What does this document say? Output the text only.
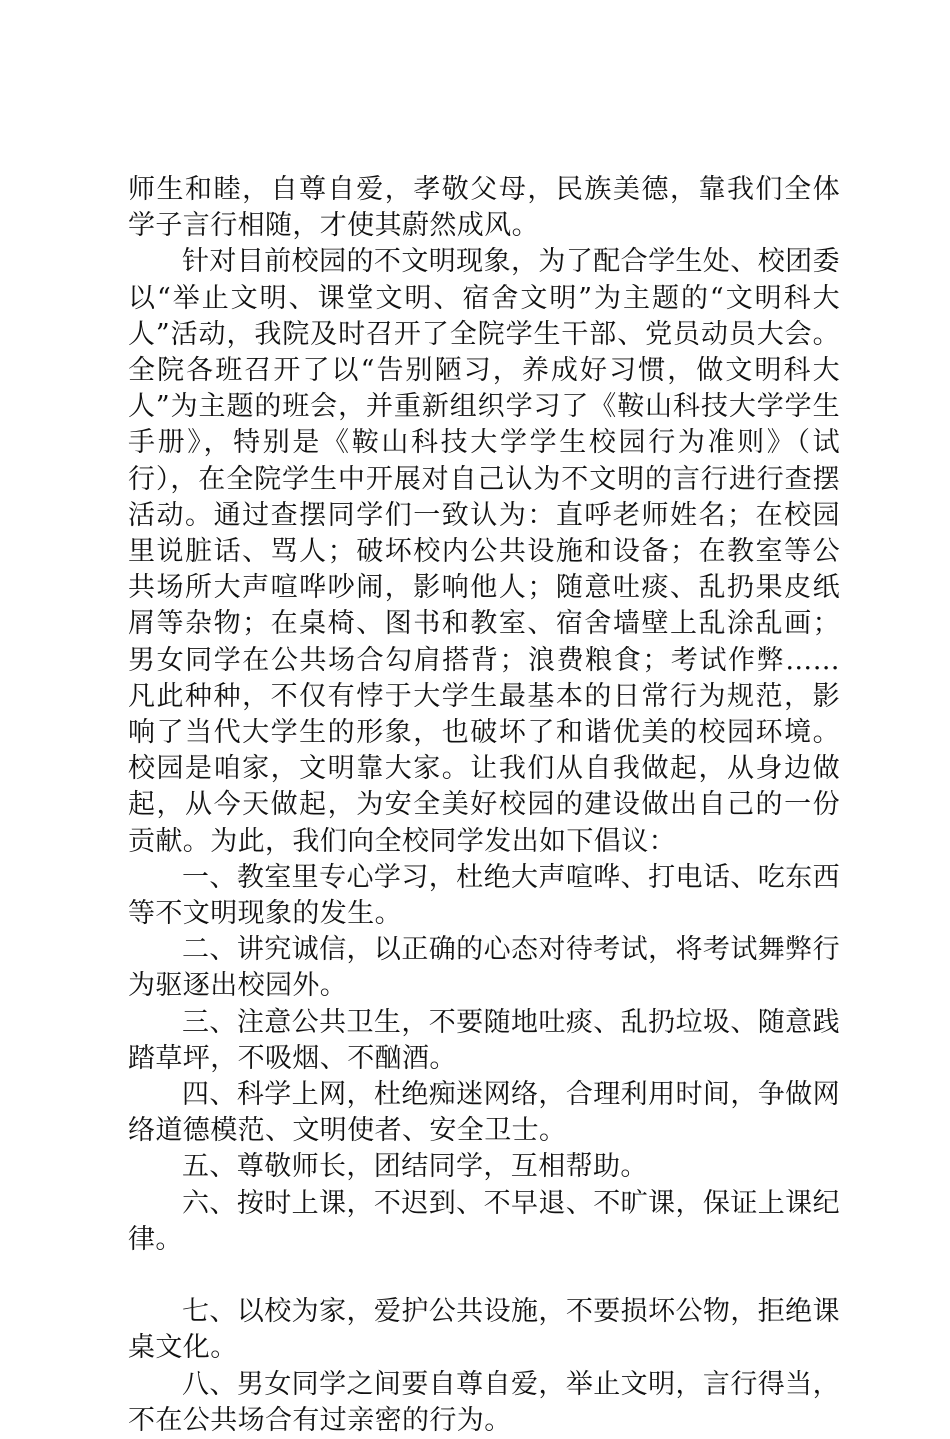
师生和睦，自尊自爱，孝敬父母，民族美德，靠我们全体学子言行相随，才使其蔚然成风。

针对目前校园的不文明现象，为了配合学生处、校团委以“举止文明、课堂文明、宿舍文明”为主题的“文明科大人”活动，我院及时召开了全院学生干部、党员动员大会。全院各班召开了以“告别陋习，养成好习惯，做文明科大人”为主题的班会，并重新组织学习了《鞍山科技大学学生手册》，特别是《鞍山科技大学学生校园行为准则》（试行），在全院学生中开展对自己认为不文明的言行进行查摆活动。通过查摆同学们一致认为：直呼老师姓名；在校园里说脏话、骂人；破坏校内公共设施和设备；在教室等公共场所大声喧哗吵闹，影响他人；随意吐痰、乱扔果皮纸屑等杂物；在桌椅、图书和教室、宿舍墙壁上乱涂乱画；男女同学在公共场合勾肩搭背；浪费粮食；考试作弊……凡此种种，不仅有悖于大学生最基本的日常行为规范，影响了当代大学生的形象，也破坏了和谐优美的校园环境。校园是咱家，文明靠大家。让我们从自我做起，从身边做起，从今天做起，为安全美好校园的建设做出自己的一份贡献。为此，我们向全校同学发出如下倡议：

一、教室里专心学习，杜绝大声喧哗、打电话、吃东西等不文明现象的发生。

二、讲究诚信，以正确的心态对待考试，将考试舞弊行为驱逐出校园外。

三、注意公共卫生，不要随地吐痰、乱扔垃圾、随意践踏草坪，不吸烟、不酗酒。

四、科学上网，杜绝痴迷网络，合理利用时间，争做网络道德模范、文明使者、安全卫士。

五、尊敬师长，团结同学，互相帮助。

六、按时上课，不迟到、不早退、不旷课，保证上课纪律。

七、以校为家，爱护公共设施，不要损坏公物，拒绝课桌文化。

八、男女同学之间要自尊自爱，举止文明，言行得当，不在公共场合有过亲密的行为。
